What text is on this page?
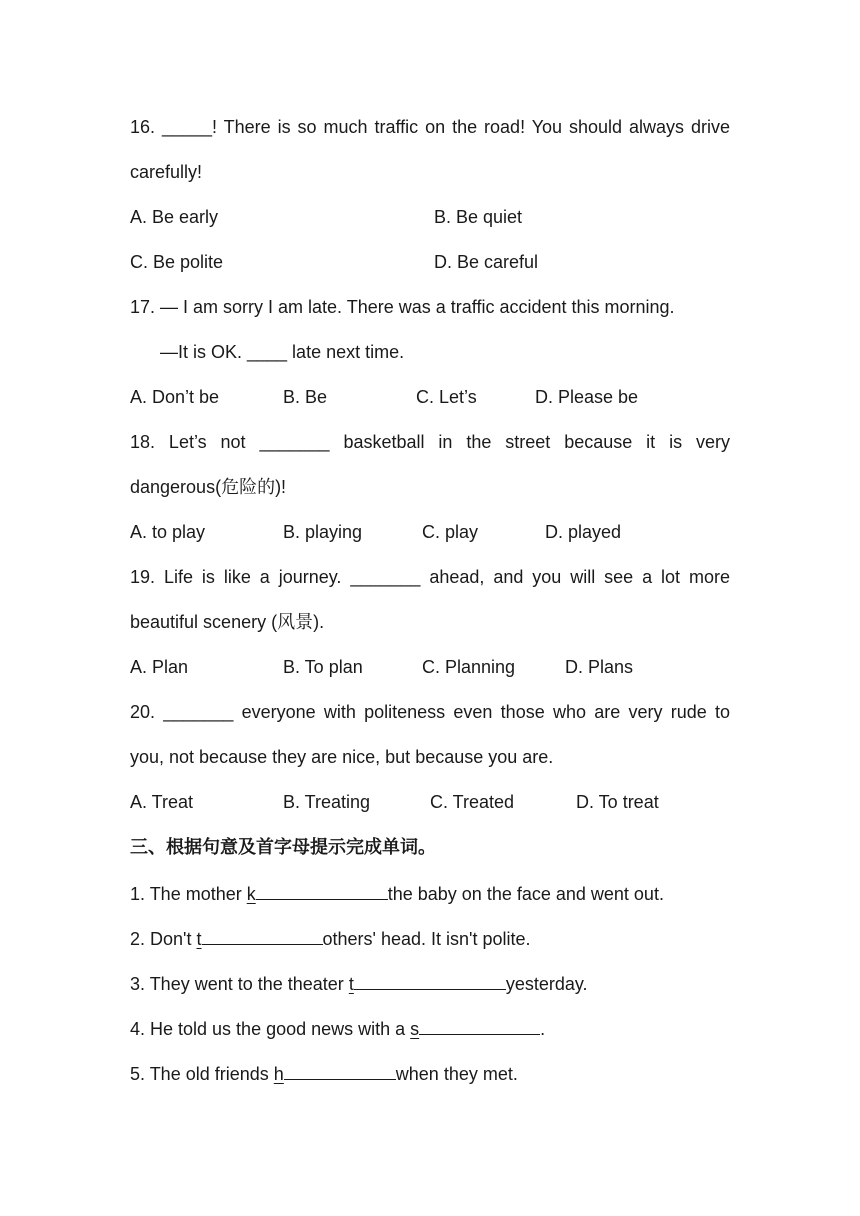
16. _____! There is so much traffic on the road! You should always drive
carefully!
A. Be early	B. Be quiet
C. Be polite	D. Be careful
17. — I am sorry I am late. There was a traffic accident this morning.
—It is OK. ____ late next time.
A. Don’t be	B. Be	C. Let’s	D. Please be
18. Let’s not _______ basketball in the street because it is very
dangerous(危险的)!
A. to play	B. playing	C. play	D. played
19. Life is like a journey. _______ ahead, and you will see a lot more
beautiful scenery (风景).
A. Plan	B. To plan	C. Planning	D. Plans
20. _______ everyone with politeness even those who are very rude to
you, not because they are nice, but because you are.
A. Treat	B. Treating	C. Treated	D. To treat
三、根据句意及首字母提示完成单词。
1. The mother k	the baby on the face and went out.
2. Don't t	others' head. It isn't polite.
3. They went to the theater t	yesterday.
4. He told us the good news with a s	.
5. The old friends h	when they met.
